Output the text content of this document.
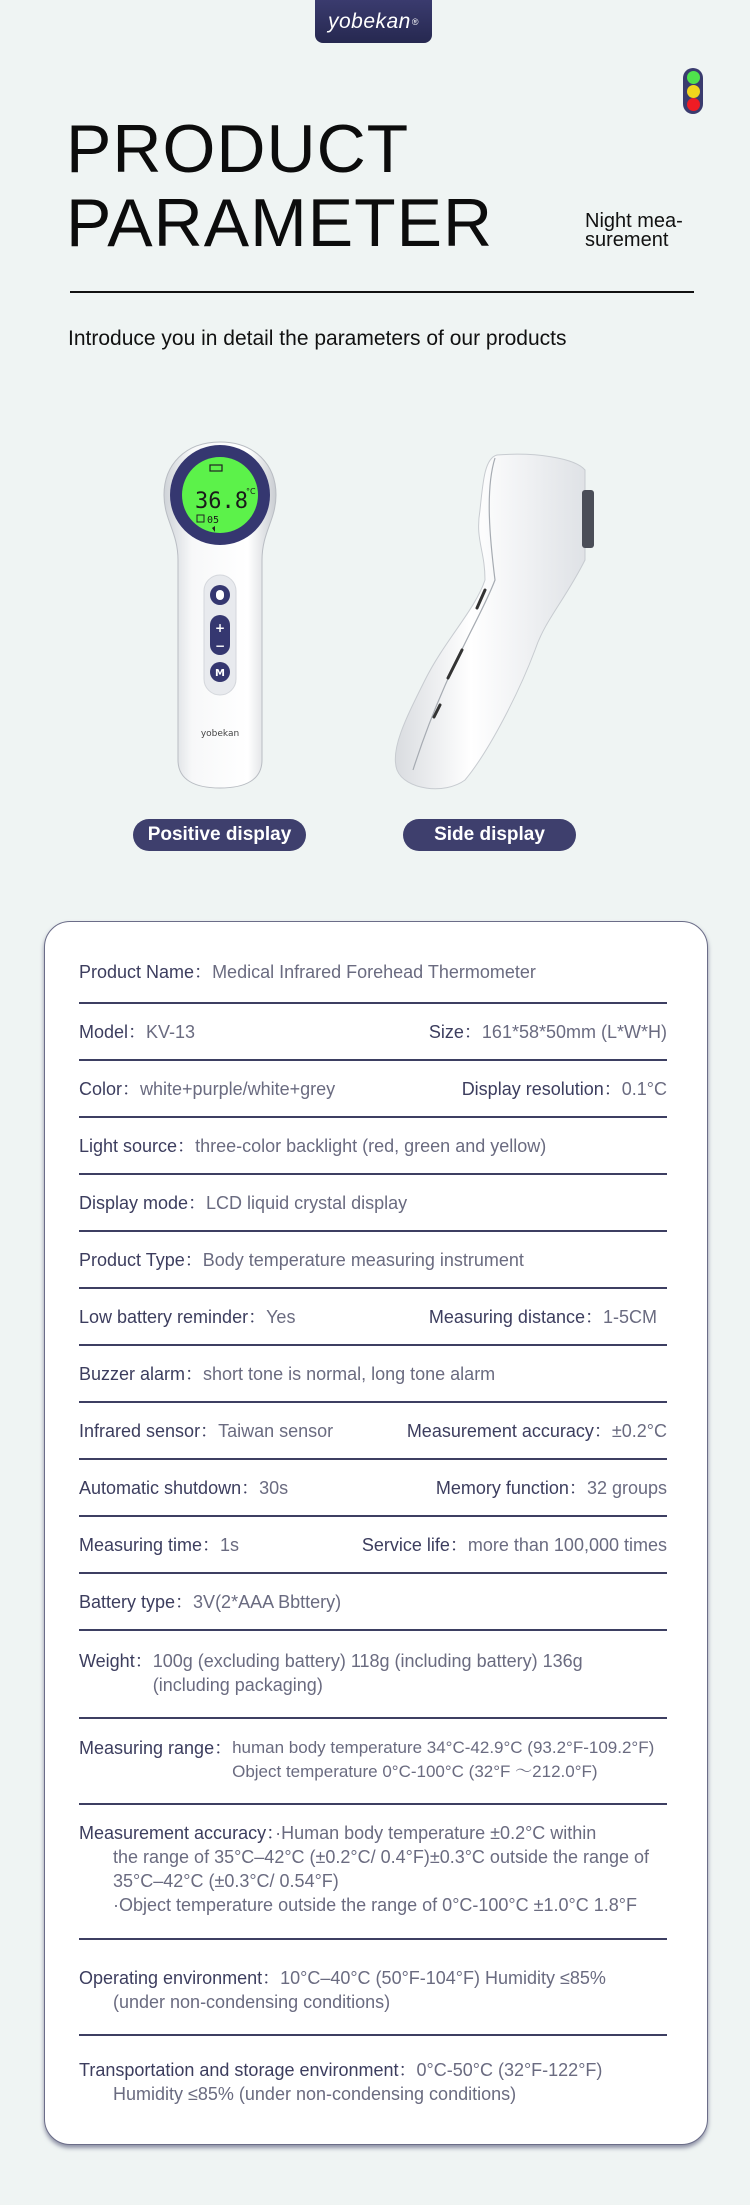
yobekan ®
PRODUCT
PARAMETER	Night mea-
surement
Introduce you in detail the parameters of our products
36.8
°C
05
+
−
M
yobekan
Positive display	Side display
Product Name： Medical Infrared Forehead Thermometer
Model：KV-13	Size：161*58*50mm (L*W*H)
Color：white+purple/white+grey	Display resolution：0.1°C
Light source： three-color backlight (red, green and yellow)
Display mode： LCD liquid crystal display
Product Type： Body temperature measuring instrument
Low battery reminder：Yes	Measuring distance：1-5CM
Buzzer alarm： short tone is normal, long tone alarm
Infrared sensor：Taiwan sensor	Measurement accuracy：±0.2°C
Automatic shutdown：30s	Memory function：32 groups
Measuring time：1s	Service life：more than 100,000 times
Battery type： 3V(2*AAA Bbttery)
Weight： 100g (excluding battery) 118g (including battery) 136g
(including packaging)
Measuring range： human body temperature 34°C-42.9°C (93.2°F-109.2°F)
Object temperature 0°C-100°C (32°F ～212.0°F)
Measurement accuracy：·Human body temperature ±0.2°C within
the range of 35°C–42°C (±0.2°C/ 0.4°F)±0.3°C outside the range of
35°C–42°C (±0.3°C/ 0.54°F)
·Object temperature outside the range of 0°C-100°C ±1.0°C 1.8°F
Operating environment：10°C–40°C (50°F-104°F) Humidity ≤85%
(under non-condensing conditions)
Transportation and storage environment：0°C-50°C (32°F-122°F)
Humidity ≤85% (under non-condensing conditions)
